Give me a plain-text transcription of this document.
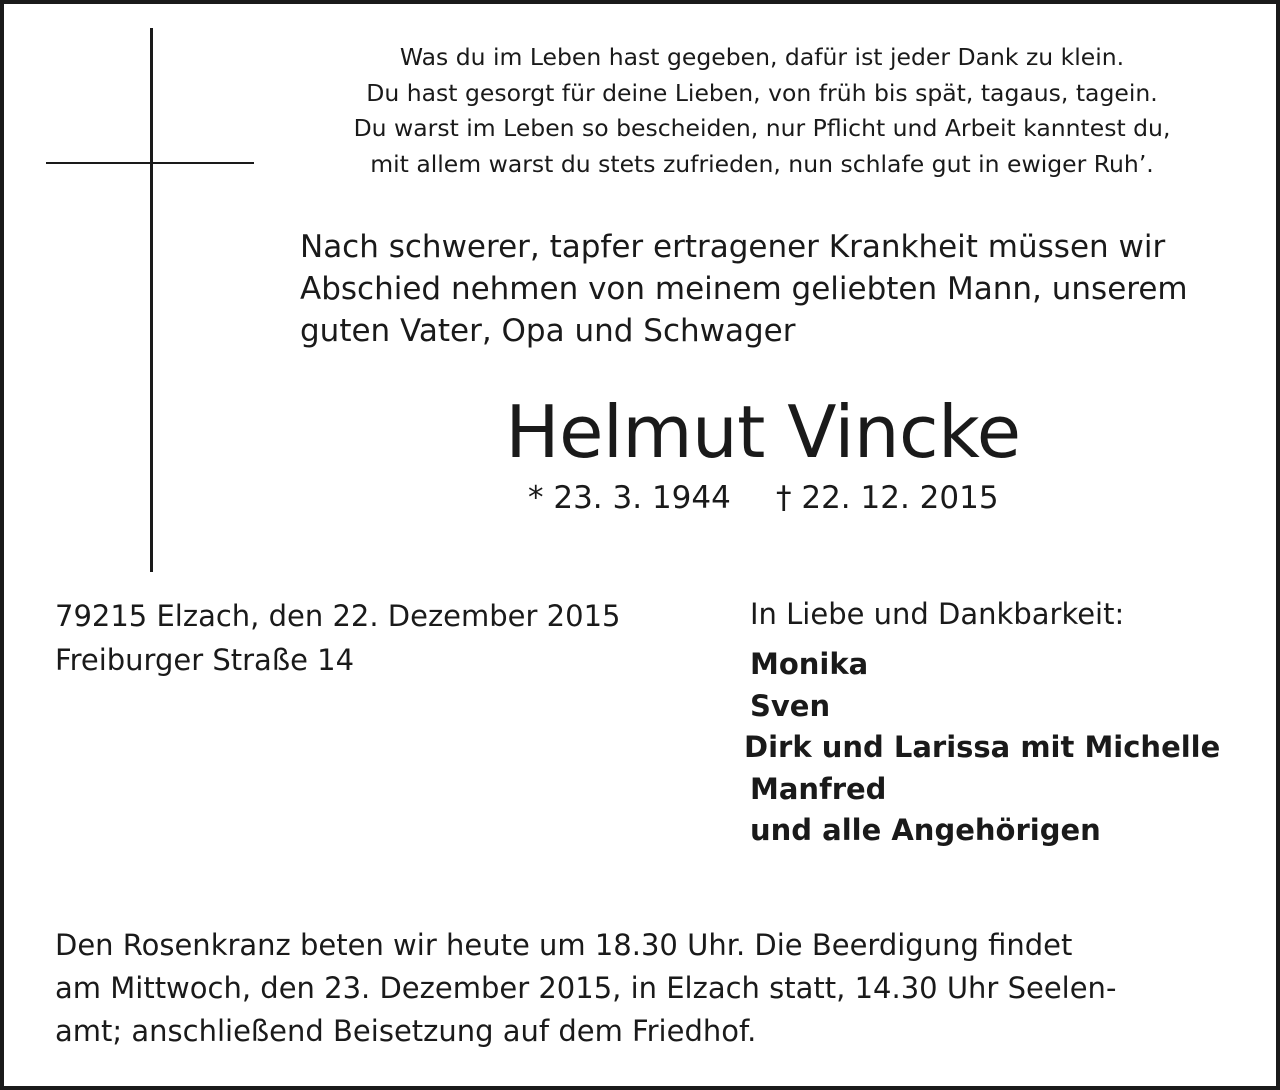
Was du im Leben hast gegeben, dafür ist jeder Dank zu klein.
Du hast gesorgt für deine Lieben, von früh bis spät, tagaus, tagein.
Du warst im Leben so bescheiden, nur Pflicht und Arbeit kanntest du,
mit allem warst du stets zufrieden, nun schlafe gut in ewiger Ruh’.
Nach schwerer, tapfer ertragener Krankheit müssen wir
Abschied nehmen von meinem geliebten Mann, unserem
guten Vater, Opa und Schwager
Helmut Vincke
* 23. 3. 1944 † 22. 12. 2015
79215 Elzach, den 22. Dezember 2015
Freiburger Straße 14
In Liebe und Dankbarkeit:
Monika
Sven
Dirk und Larissa mit Michelle
Manfred
und alle Angehörigen
Den Rosenkranz beten wir heute um 18.30 Uhr. Die Beerdigung findet
am Mittwoch, den 23. Dezember 2015, in Elzach statt, 14.30 Uhr Seelen-
amt; anschließend Beisetzung auf dem Friedhof.
